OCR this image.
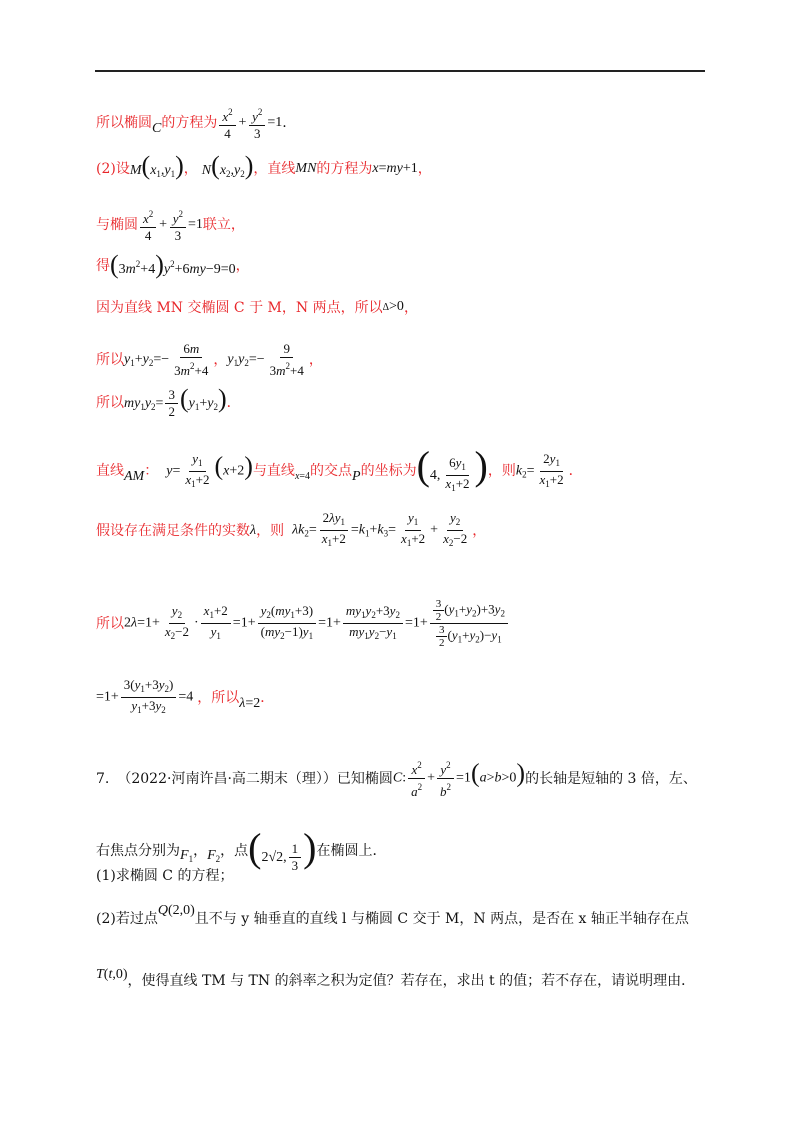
所以椭圆 C 的方程为 $\frac{x^2}{4} + \frac{y^2}{3} =1$ .
(2)设 $M(x_1,y_1)$ ， $N(x_2,y_2)$ ，直线 MN 的方程为 x=my+1 ，
与椭圆 $\frac{x^2}{4} + \frac{y^2}{3} =1$ 联立，
得 $(3m^2+4)y^2+6my-9=0$ ，
因为直线 MN 交椭圆 C 于 M，N 两点，所以 Δ>0 ，
所以 $y_1+y_2=- \frac{6m}{3m^2+4}$ ， $y_1y_2=- \frac{9}{3m^2+4}$ ，
所以 $my_1y_2= \frac{3}{2} (y_1+y_2)$ ．
直线 AM ： $y= \frac{y_1}{x_1+2} (x+2)$ 与直线 x=4 的交点 P 的坐标为 (4, $\frac{6y_1}{x_1+2}$ ) ，则 $k_2= \frac{2y_1}{x_1+2}$ ．
假设存在满足条件的实数 λ ，则 $\lambda k_2= \frac{2\lambda y_1}{x_1+2} =k_1+k_3= \frac{y_1}{x_1+2} + \frac{y_2}{x_2-2}$ ，
所以 $2\lambda=1+ \frac{y_2}{x_2-2} \cdot \frac{x_1+2}{y_1} =1+ \frac{y_2(my_1+3)}{(my_2-1)y_1} =1+ \frac{my_1y_2+3y_2}{my_1y_2-y_1} =1+ \frac{\frac{3}{2} (y_1+y_2)+3y_2}{\frac{3}{2} (y_1+y_2)-y_1}$
$=1+ \frac{3(y_1+3y_2)}{y_1+3y_2} =4$ ，所以 λ=2 ．
7. （2022·河南许昌·高二期末（理））已知椭圆 C: $\frac{x^2}{a^2} + \frac{y^2}{b^2} =1(a>b>0)$ 的长轴是短轴的 3 倍，左、
右焦点分别为 $F_1$ ， $F_2$ ，点 (2√2, $\frac{1}{3}$ ) 在椭圆上．
(1)求椭圆 C 的方程；
(2)若过点
Q(2,0)
且不与 y 轴垂直的直线 l 与椭圆 C 交于 M，N 两点，是否在 x 轴正半轴存在点
T(t,0) ，使得直线 TM 与 TN 的斜率之积为定值？若存在，求出 t 的值；若不存在，请说明理由．
